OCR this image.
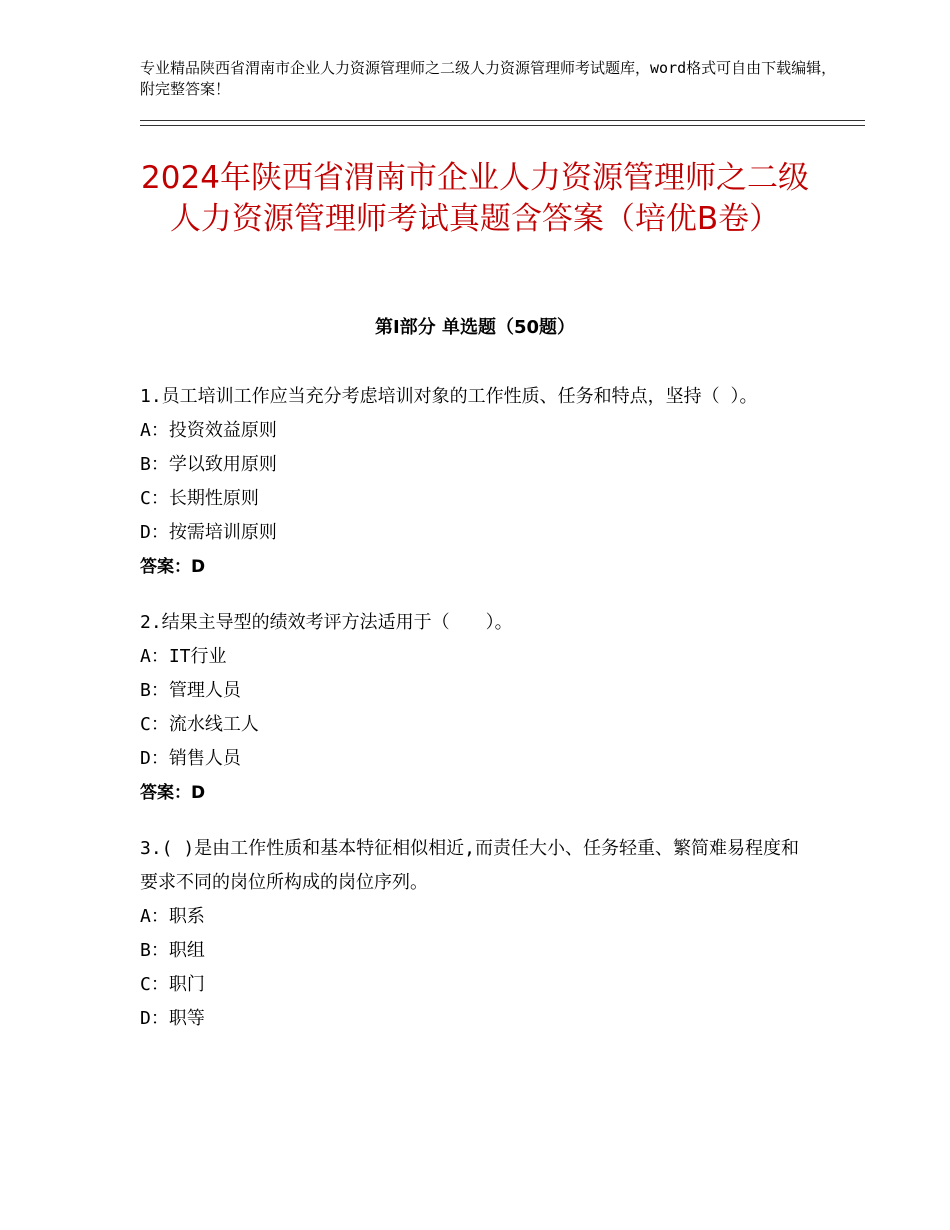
专业精品陕西省渭南市企业人力资源管理师之二级人力资源管理师考试题库，word格式可自由下载编辑，附完整答案！
2024年陕西省渭南市企业人力资源管理师之二级人力资源管理师考试真题含答案（培优B卷）
第Ⅰ部分 单选题（50题）
1.员工培训工作应当充分考虑培训对象的工作性质、任务和特点，坚持（ ）。
A：投资效益原则
B：学以致用原则
C：长期性原则
D：按需培训原则
答案：D
2.结果主导型的绩效考评方法适用于（　　）。
A：IT行业
B：管理人员
C：流水线工人
D：销售人员
答案：D
3.( )是由工作性质和基本特征相似相近,而责任大小、任务轻重、繁简难易程度和要求不同的岗位所构成的岗位序列。
A：职系
B：职组
C：职门
D：职等
